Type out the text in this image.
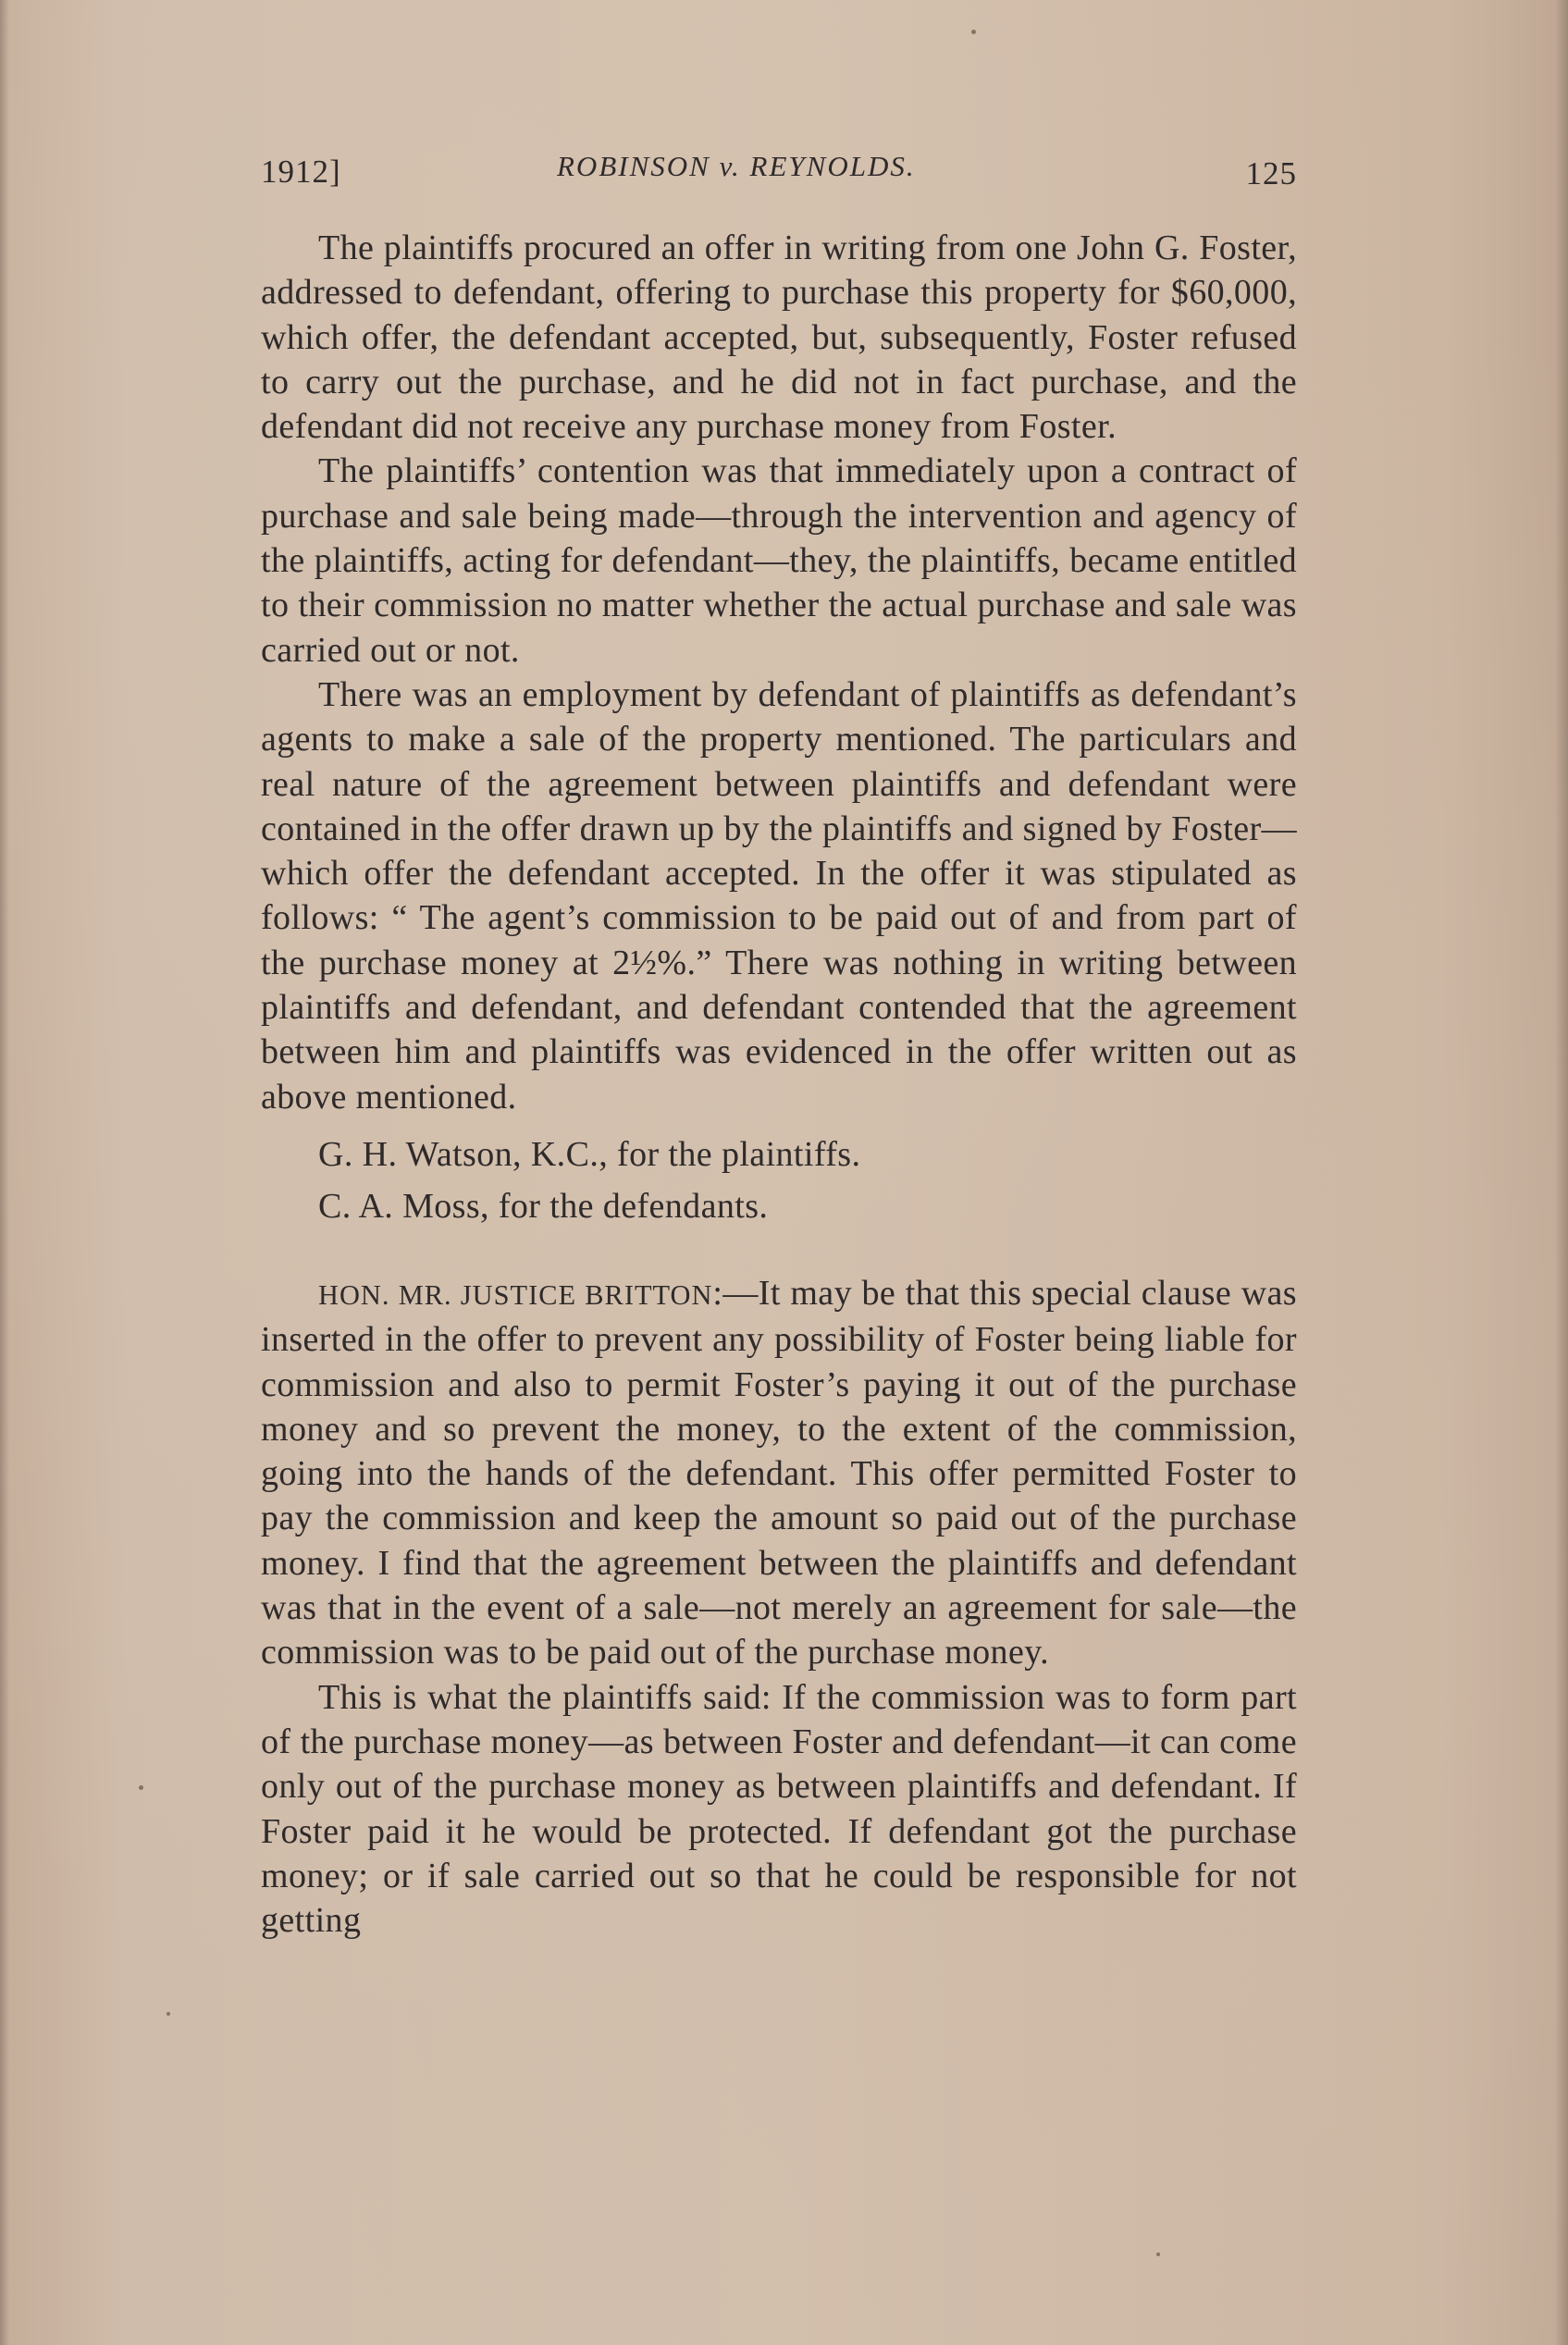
1912]	ROBINSON v. REYNOLDS.	125

The plaintiffs procured an offer in writing from one John G. Foster, addressed to defendant, offering to purchase this property for $60,000, which offer, the defendant accepted, but, subsequently, Foster refused to carry out the purchase, and he did not in fact purchase, and the defendant did not receive any purchase money from Foster.

The plaintiffs’ contention was that immediately upon a contract of purchase and sale being made—through the intervention and agency of the plaintiffs, acting for defendant—they, the plaintiffs, became entitled to their commission no matter whether the actual purchase and sale was carried out or not.

There was an employment by defendant of plaintiffs as defendant’s agents to make a sale of the property mentioned. The particulars and real nature of the agreement between plaintiffs and defendant were contained in the offer drawn up by the plaintiffs and signed by Foster—which offer the defendant accepted. In the offer it was stipulated as follows: “ The agent’s commission to be paid out of and from part of the purchase money at 2½%.” There was nothing in writing between plaintiffs and defendant, and defendant contended that the agreement between him and plaintiffs was evidenced in the offer written out as above mentioned.

G. H. Watson, K.C., for the plaintiffs.

C. A. Moss, for the defendants.

HON. MR. JUSTICE BRITTON:—It may be that this special clause was inserted in the offer to prevent any possibility of Foster being liable for commission and also to permit Foster’s paying it out of the purchase money and so prevent the money, to the extent of the commission, going into the hands of the defendant. This offer permitted Foster to pay the commission and keep the amount so paid out of the purchase money. I find that the agreement between the plaintiffs and defendant was that in the event of a sale—not merely an agreement for sale—the commission was to be paid out of the purchase money.

This is what the plaintiffs said: If the commission was to form part of the purchase money—as between Foster and defendant—it can come only out of the purchase money as between plaintiffs and defendant. If Foster paid it he would be protected. If defendant got the purchase money; or if sale carried out so that he could be responsible for not getting
